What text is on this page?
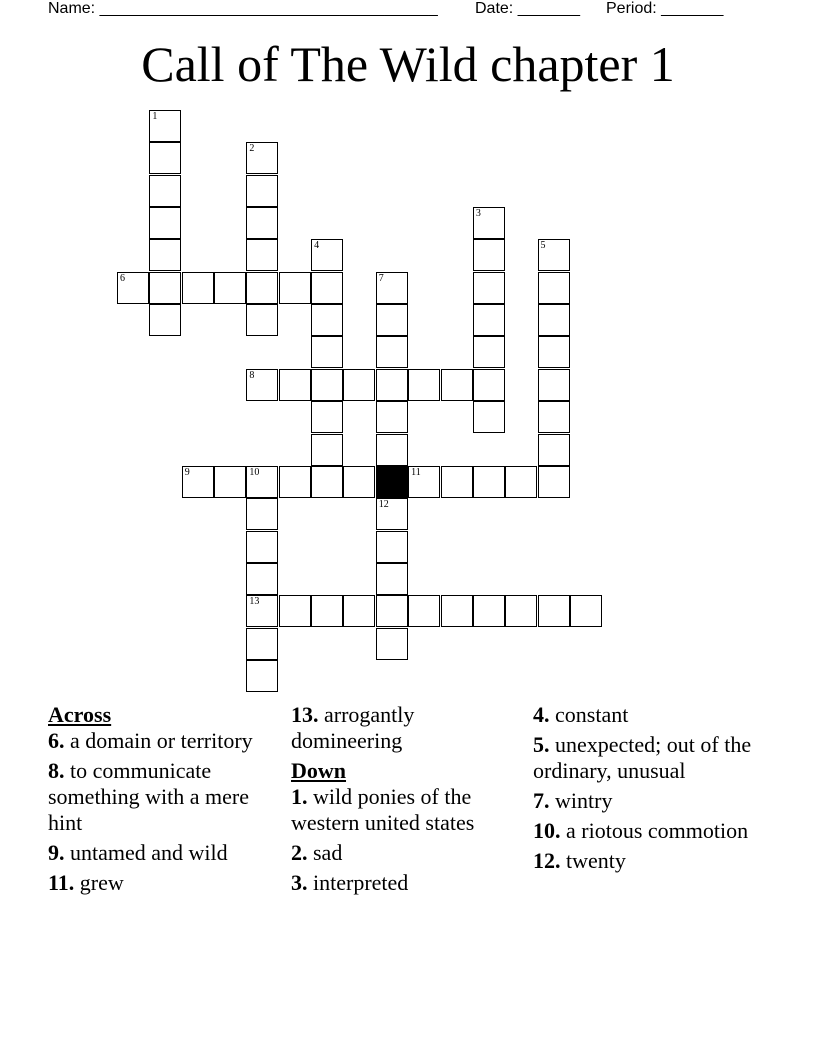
Name: ______________________________________ Date: _______ Period: _______
Call of The Wild chapter 1
1
2
3
4	5
6	7
8
9	10	11
13
12

Across

6. a domain or territory

8. to communicate something with a mere hint

9. untamed and wild

11. grew

13. arrogantly domineering

Down

1. wild ponies of the western united states

2. sad

3. interpreted

4. constant

5. unexpected; out of the ordinary, unusual

7. wintry

10. a riotous commotion

12. twenty
